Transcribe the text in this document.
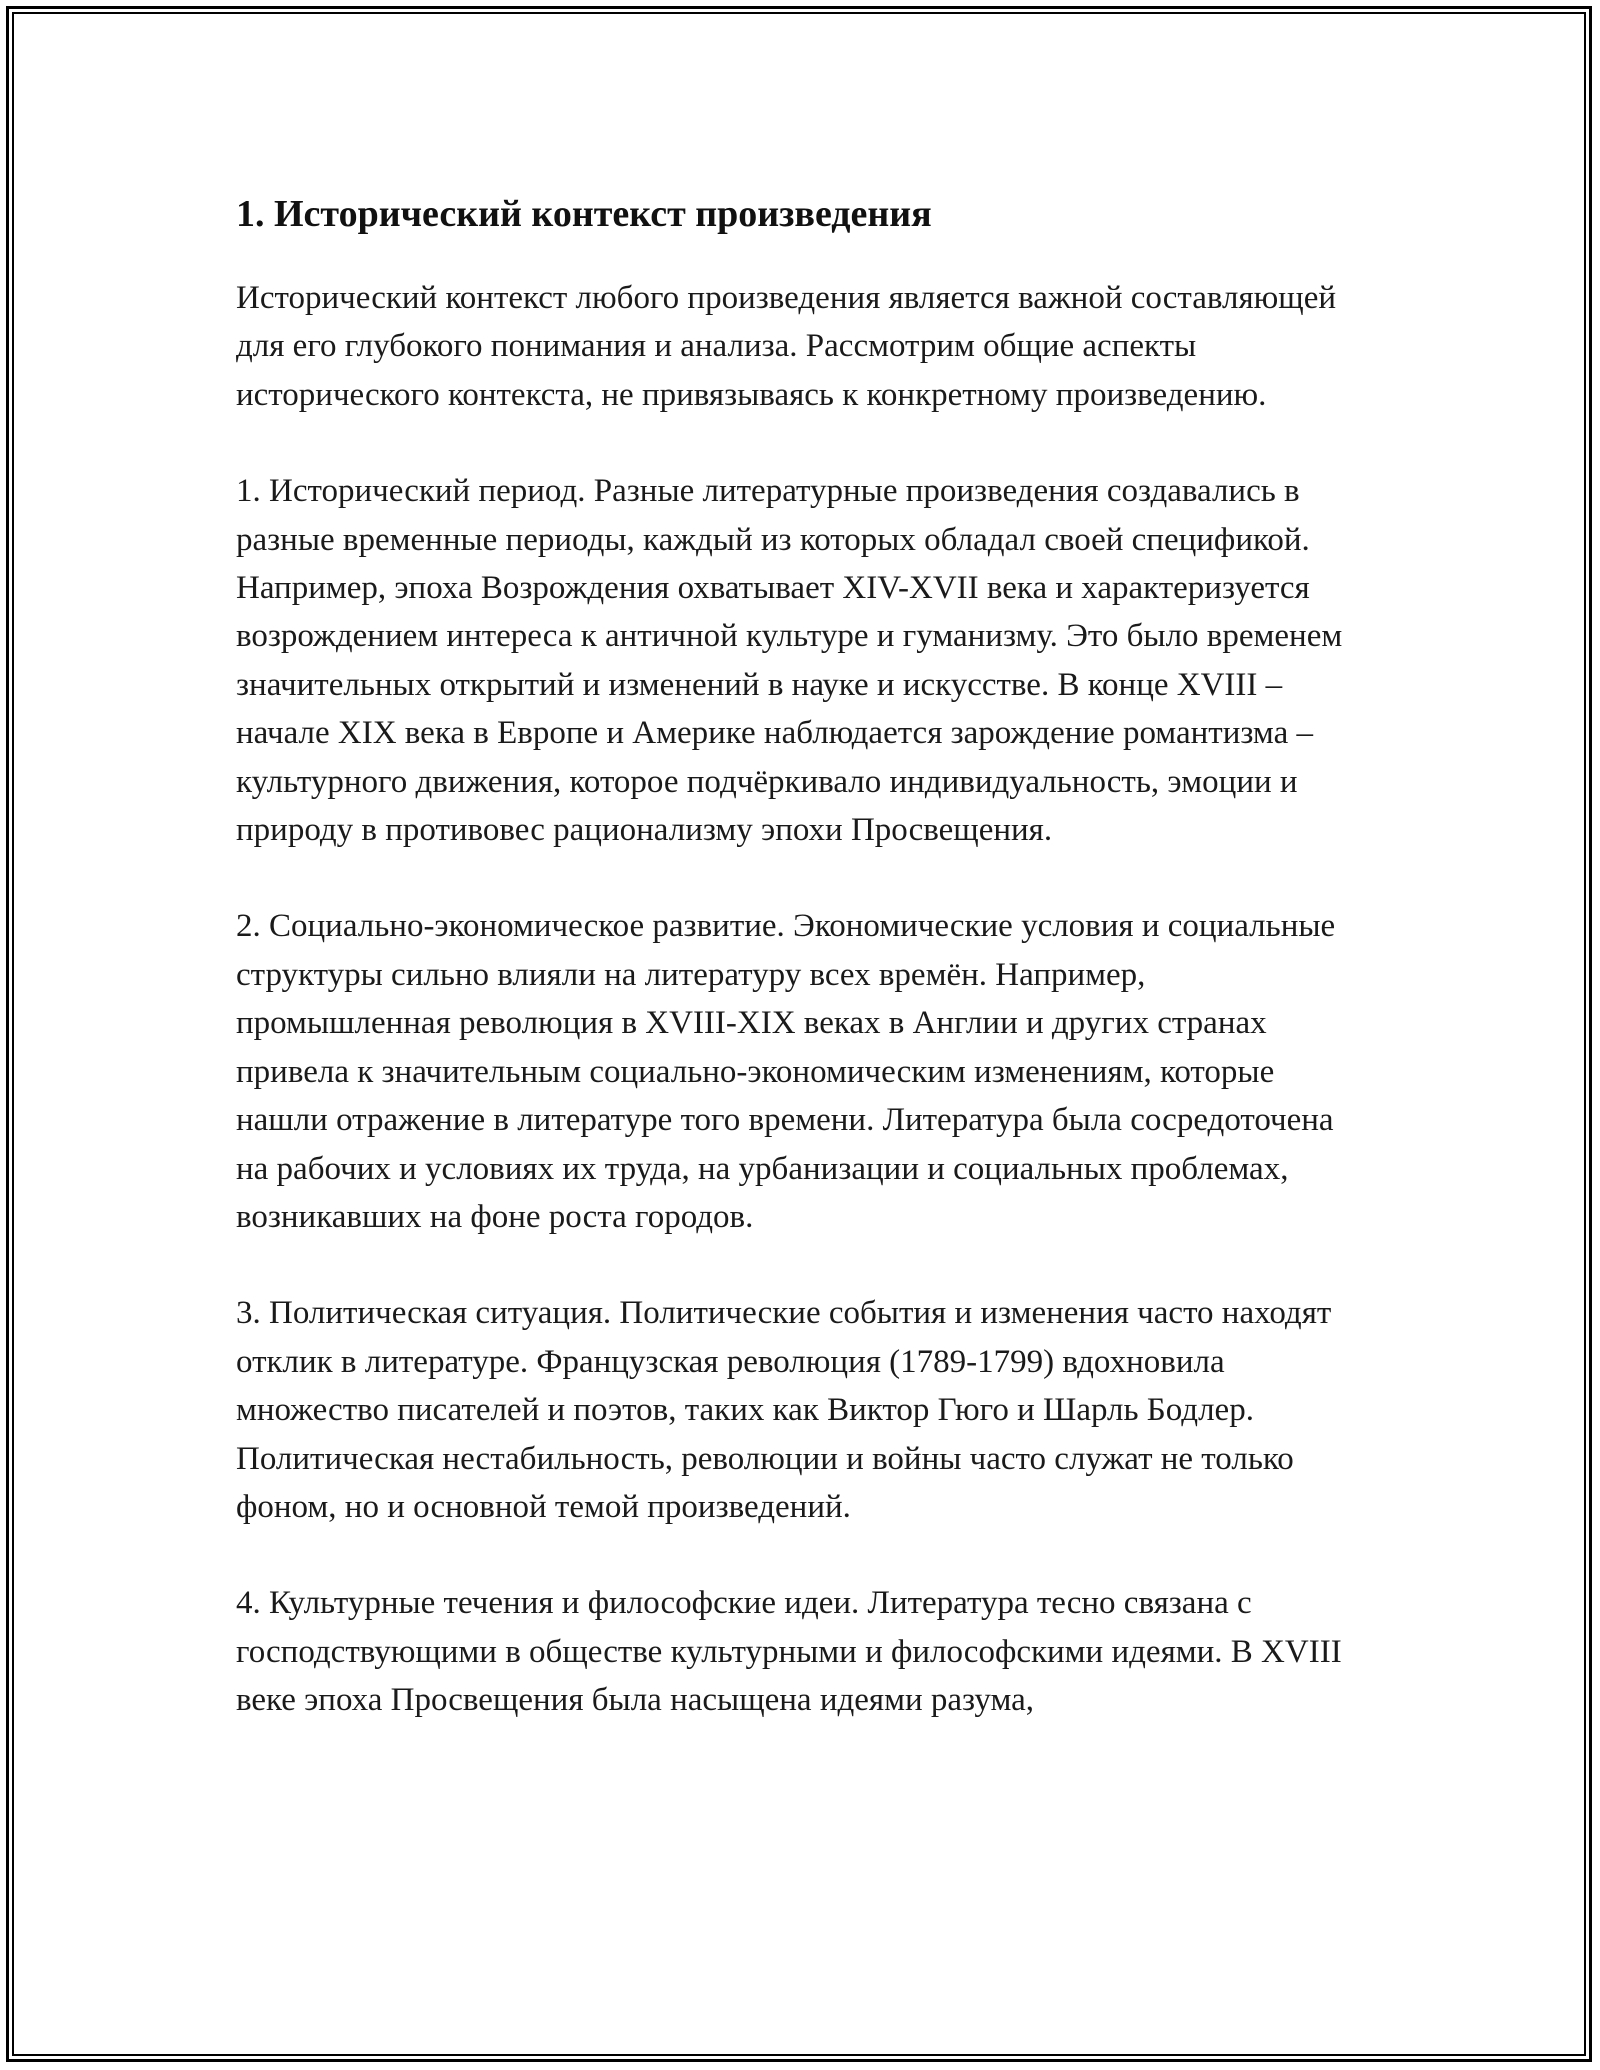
1. Исторический контекст произведения

Исторический контекст любого произведения является важной составляющей для его глубокого понимания и анализа. Рассмотрим общие аспекты исторического контекста, не привязываясь к конкретному произведению.

1. Исторический период. Разные литературные произведения создавались в разные временные периоды, каждый из которых обладал своей спецификой. Например, эпоха Возрождения охватывает XIV-XVII века и характеризуется возрождением интереса к античной культуре и гуманизму. Это было временем значительных открытий и изменений в науке и искусстве. В конце XVIII – начале XIX века в Европе и Америке наблюдается зарождение романтизма – культурного движения, которое подчёркивало индивидуальность, эмоции и природу в противовес рационализму эпохи Просвещения.

2. Социально-экономическое развитие. Экономические условия и социальные структуры сильно влияли на литературу всех времён. Например, промышленная революция в XVIII-XIX веках в Англии и других странах привела к значительным социально-экономическим изменениям, которые нашли отражение в литературе того времени. Литература была сосредоточена на рабочих и условиях их труда, на урбанизации и социальных проблемах, возникавших на фоне роста городов.

3. Политическая ситуация. Политические события и изменения часто находят отклик в литературе. Французская революция (1789-1799) вдохновила множество писателей и поэтов, таких как Виктор Гюго и Шарль Бодлер. Политическая нестабильность, революции и войны часто служат не только фоном, но и основной темой произведений.

4. Культурные течения и философские идеи. Литература тесно связана с господствующими в обществе культурными и философскими идеями. В XVIII веке эпоха Просвещения была насыщена идеями разума,
